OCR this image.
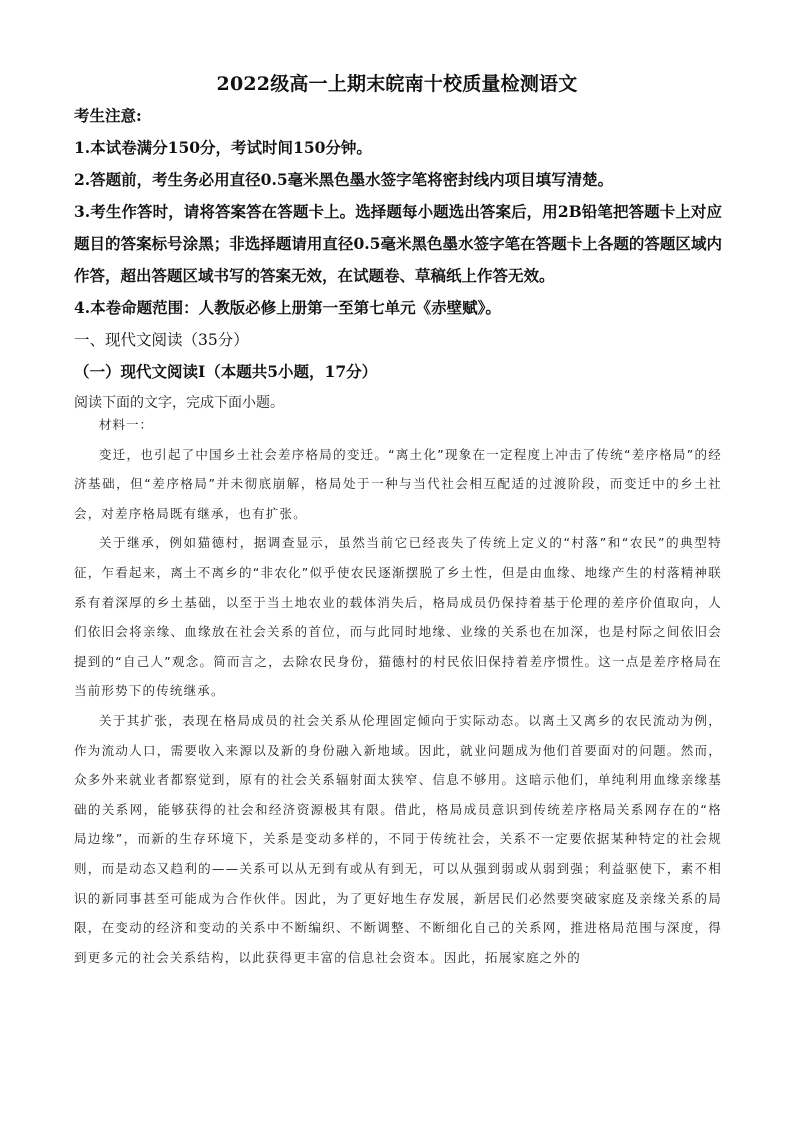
2022级高一上期末皖南十校质量检测语文
考生注意:
1.本试卷满分150分，考试时间150分钟。
2.答题前，考生务必用直径0.5毫米黑色墨水签字笔将密封线内项目填写清楚。
3.考生作答时，请将答案答在答题卡上。选择题每小题选出答案后，用2B铅笔把答题卡上对应题目的答案标号涂黑；非选择题请用直径0.5毫米黑色墨水签字笔在答题卡上各题的答题区域内作答，超出答题区域书写的答案无效，在试题卷、草稿纸上作答无效。
4.本卷命题范围：人教版必修上册第一至第七单元《赤壁赋》。
一、现代文阅读（35分）
（一）现代文阅读Ⅰ（本题共5小题，17分）
阅读下面的文字，完成下面小题。

材料一：

变迁，也引起了中国乡土社会差序格局的变迁。“离土化”现象在一定程度上冲击了传统“差序格局”的经济基础，但“差序格局”并未彻底崩解，格局处于一种与当代社会相互配适的过渡阶段，而变迁中的乡土社会，对差序格局既有继承，也有扩张。

关于继承，例如猫德村，据调查显示，虽然当前它已经丧失了传统上定义的“村落”和“农民”的典型特征，乍看起来，离土不离乡的“非农化”似乎使农民逐渐摆脱了乡土性，但是由血缘、地缘产生的村落精神联系有着深厚的乡土基础，以至于当土地农业的载体消失后，格局成员仍保持着基于伦理的差序价值取向，人们依旧会将亲缘、血缘放在社会关系的首位，而与此同时地缘、业缘的关系也在加深，也是村际之间依旧会提到的“自己人”观念。简而言之，去除农民身份，猫德村的村民依旧保持着差序惯性。这一点是差序格局在当前形势下的传统继承。

关于其扩张，表现在格局成员的社会关系从伦理固定倾向于实际动态。以离土又离乡的农民流动为例，作为流动人口，需要收入来源以及新的身份融入新地域。因此，就业问题成为他们首要面对的问题。然而，众多外来就业者都察觉到，原有的社会关系辐射面太狭窄、信息不够用。这暗示他们，单纯利用血缘亲缘基础的关系网，能够获得的社会和经济资源极其有限。借此，格局成员意识到传统差序格局关系网存在的“格局边缘”，而新的生存环境下，关系是变动多样的，不同于传统社会，关系不一定要依据某种特定的社会规则，而是动态又趋利的——关系可以从无到有或从有到无，可以从强到弱或从弱到强；利益驱使下，素不相识的新同事甚至可能成为合作伙伴。因此，为了更好地生存发展，新居民们必然要突破家庭及亲缘关系的局限，在变动的经济和变动的关系中不断编织、不断调整、不断细化自己的关系网，推进格局范围与深度，得到更多元的社会关系结构，以此获得更丰富的信息社会资本。因此，拓展家庭之外的
